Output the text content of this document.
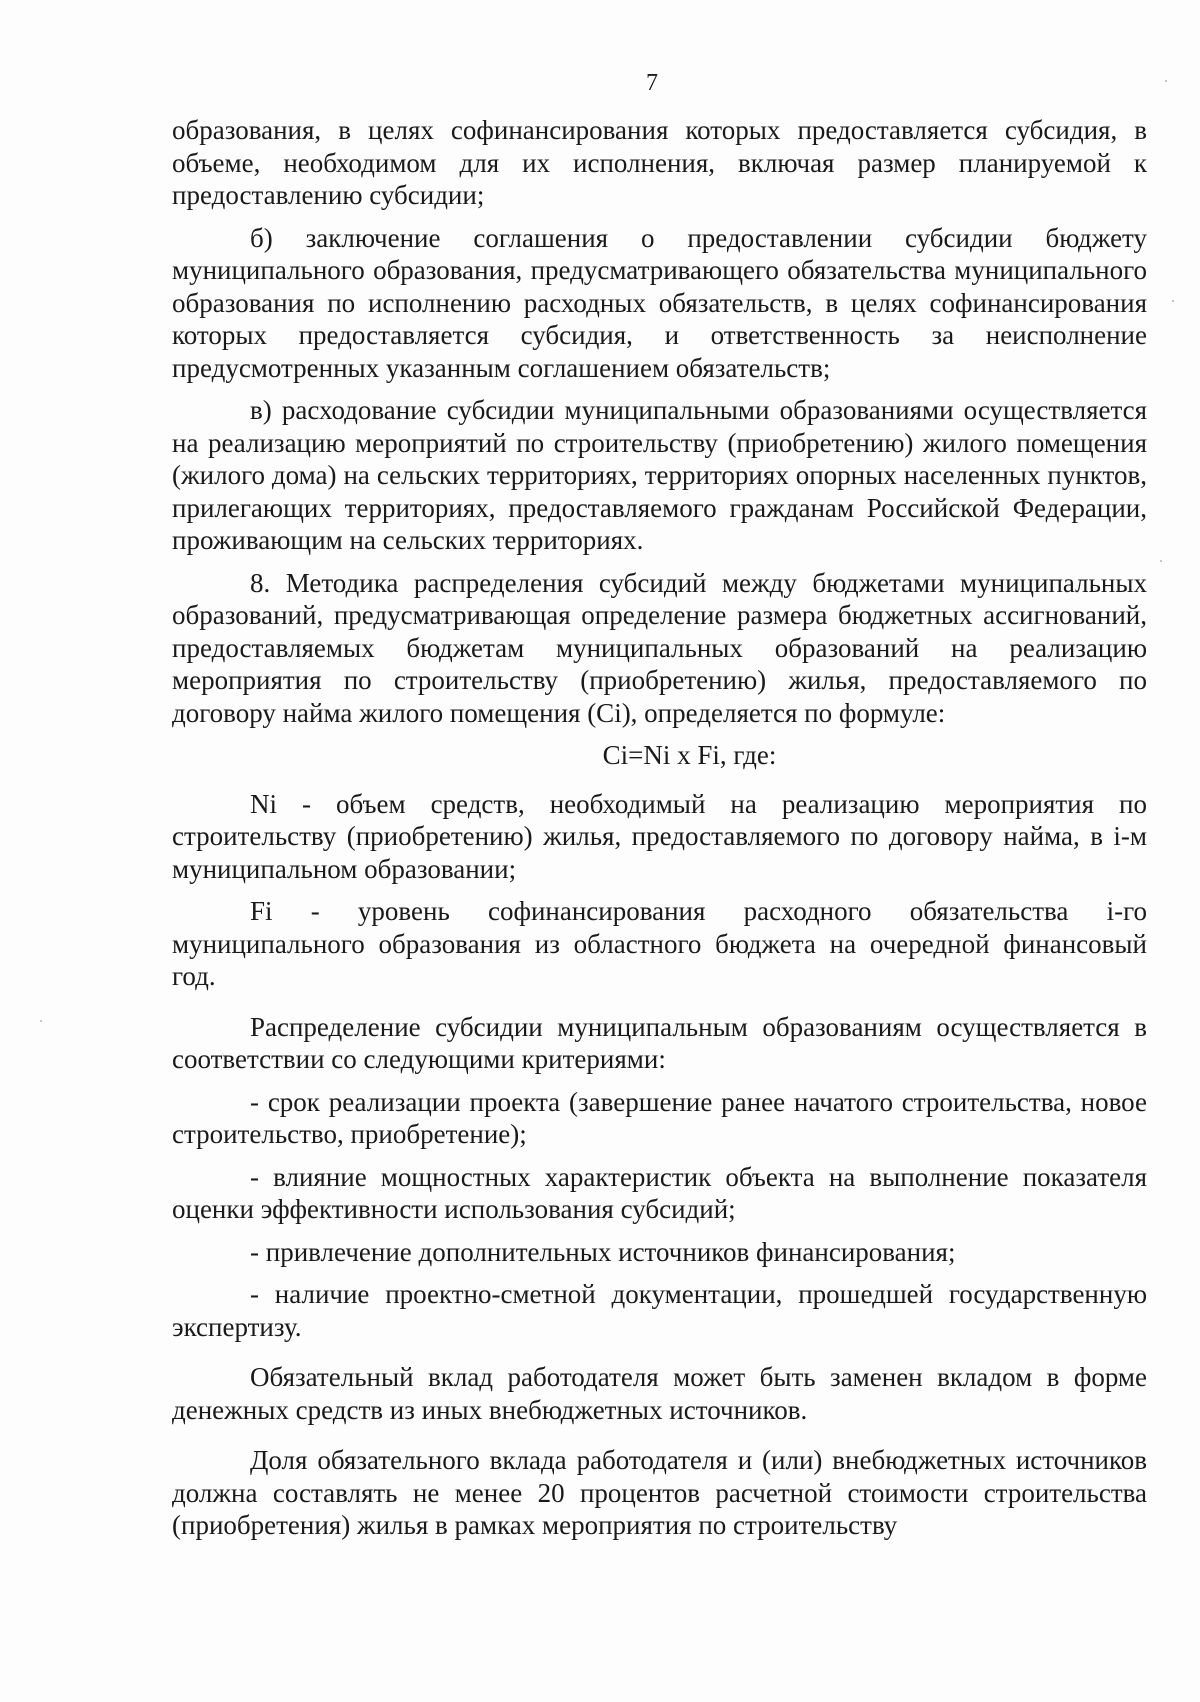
7

образования, в целях софинансирования которых предоставляется субсидия, в объеме, необходимом для их исполнения, включая размер планируемой к предоставлению субсидии;

б) заключение соглашения о предоставлении субсидии бюджету муниципального образования, предусматривающего обязательства муниципального образования по исполнению расходных обязательств, в целях софинансирования которых предоставляется субсидия, и ответственность за неисполнение предусмотренных указанным соглашением обязательств;

в) расходование субсидии муниципальными образованиями осуществляется на реализацию мероприятий по строительству (приобретению) жилого помещения (жилого дома) на сельских территориях, территориях опорных населенных пунктов, прилегающих территориях, предоставляемого гражданам Российской Федерации, проживающим на сельских территориях.

8. Методика распределения субсидий между бюджетами муниципальных образований, предусматривающая определение размера бюджетных ассигнований, предоставляемых бюджетам муниципальных образований на реализацию мероприятия по строительству (приобретению) жилья, предоставляемого по договору найма жилого помещения (Ci), определяется по формуле:

Ci=Ni x Fi, где:

Ni - объем средств, необходимый на реализацию мероприятия по строительству (приобретению) жилья, предоставляемого по договору найма, в i-м муниципальном образовании;

Fi - уровень софинансирования расходного обязательства i-го муниципального образования из областного бюджета на очередной финансовый год.

Распределение субсидии муниципальным образованиям осуществляется в соответствии со следующими критериями:

- срок реализации проекта (завершение ранее начатого строительства, новое строительство, приобретение);

- влияние мощностных характеристик объекта на выполнение показателя оценки эффективности использования субсидий;

- привлечение дополнительных источников финансирования;

- наличие проектно-сметной документации, прошедшей государственную экспертизу.

Обязательный вклад работодателя может быть заменен вкладом в форме денежных средств из иных внебюджетных источников.

Доля обязательного вклада работодателя и (или) внебюджетных источников должна составлять не менее 20 процентов расчетной стоимости строительства (приобретения) жилья в рамках мероприятия по строительству
